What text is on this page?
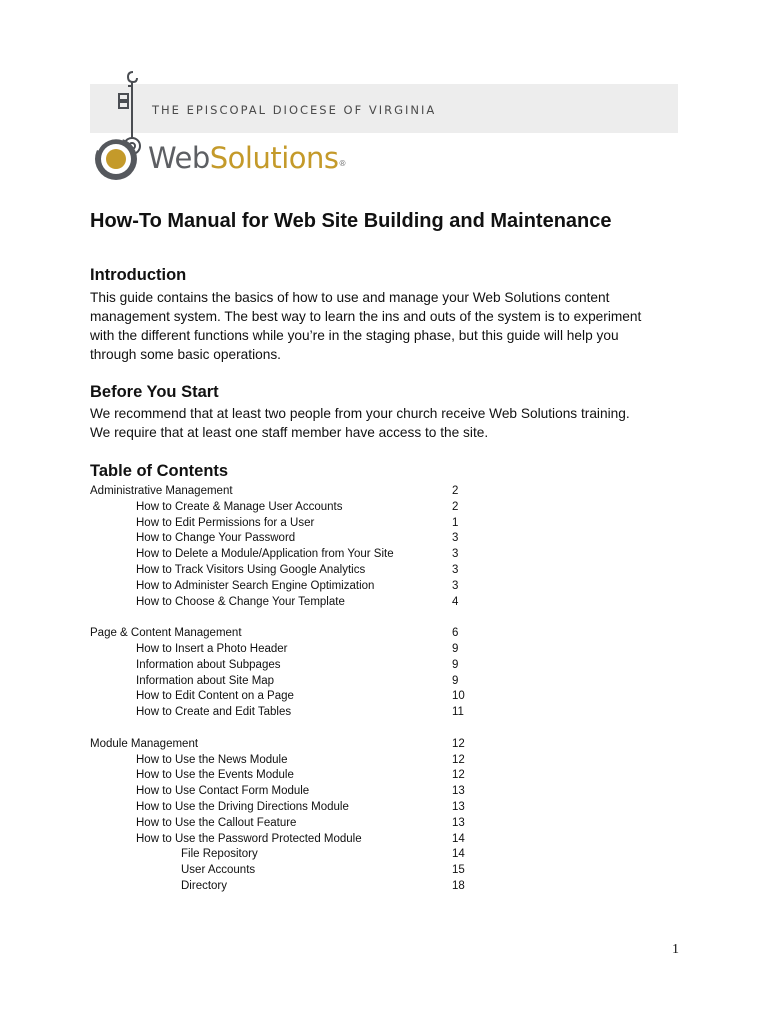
THE EPISCOPAL DIOCESE OF VIRGINIA
WebSolutions®
How-To Manual for Web Site Building and Maintenance
Introduction
This guide contains the basics of how to use and manage your Web Solutions content
management system. The best way to learn the ins and outs of the system is to experiment
with the different functions while you’re in the staging phase, but this guide will help you
through some basic operations.
Before You Start
We recommend that at least two people from your church receive Web Solutions training.
We require that at least one staff member have access to the site.
Table of Contents
Administrative Management	2
How to Create & Manage User Accounts	2
How to Edit Permissions for a User	1
How to Change Your Password	3
How to Delete a Module/Application from Your Site	3
How to Track Visitors Using Google Analytics	3
How to Administer Search Engine Optimization	3
How to Choose & Change Your Template	4
Page & Content Management	6
How to Insert a Photo Header	9
Information about Subpages	9
Information about Site Map	9
How to Edit Content on a Page	10
How to Create and Edit Tables	11
Module Management	12
How to Use the News Module	12
How to Use the Events Module	12
How to Use Contact Form Module	13
How to Use the Driving Directions Module	13
How to Use the Callout Feature	13
How to Use the Password Protected Module	14
File Repository	14
User Accounts	15
Directory	18
1
